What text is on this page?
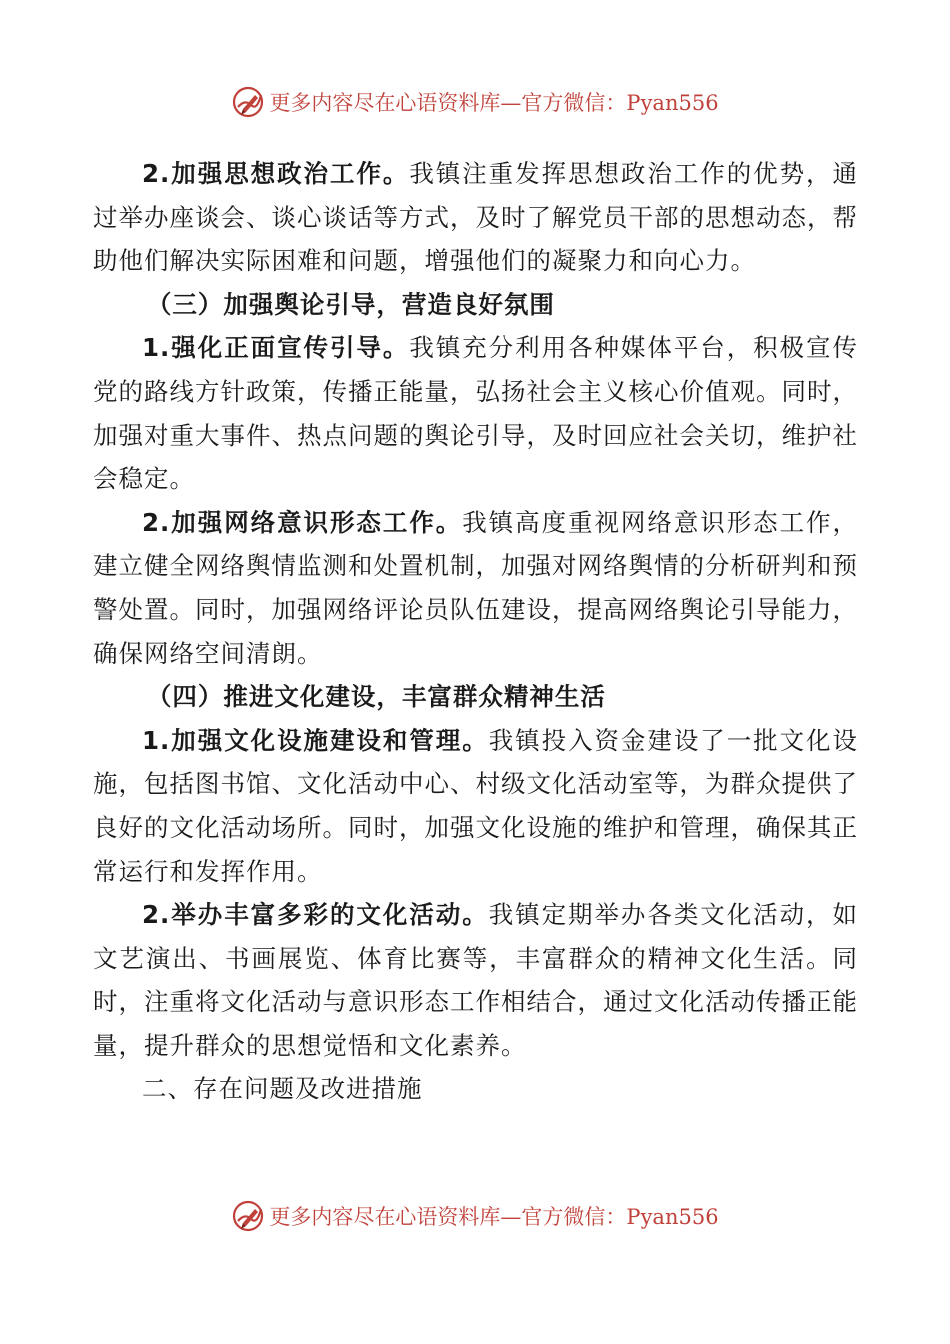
更多内容尽在心语资料库—官方微信：Pyan556

2.加强思想政治工作。我镇注重发挥思想政治工作的优势，通过举办座谈会、谈心谈话等方式，及时了解党员干部的思想动态，帮助他们解决实际困难和问题，增强他们的凝聚力和向心力。

（三）加强舆论引导，营造良好氛围

1.强化正面宣传引导。我镇充分利用各种媒体平台，积极宣传党的路线方针政策，传播正能量，弘扬社会主义核心价值观。同时，加强对重大事件、热点问题的舆论引导，及时回应社会关切，维护社会稳定。

2.加强网络意识形态工作。我镇高度重视网络意识形态工作，建立健全网络舆情监测和处置机制，加强对网络舆情的分析研判和预警处置。同时，加强网络评论员队伍建设，提高网络舆论引导能力，确保网络空间清朗。

（四）推进文化建设，丰富群众精神生活

1.加强文化设施建设和管理。我镇投入资金建设了一批文化设施，包括图书馆、文化活动中心、村级文化活动室等，为群众提供了良好的文化活动场所。同时，加强文化设施的维护和管理，确保其正常运行和发挥作用。

2.举办丰富多彩的文化活动。我镇定期举办各类文化活动，如文艺演出、书画展览、体育比赛等，丰富群众的精神文化生活。同时，注重将文化活动与意识形态工作相结合，通过文化活动传播正能量，提升群众的思想觉悟和文化素养。

二、存在问题及改进措施

更多内容尽在心语资料库—官方微信：Pyan556
